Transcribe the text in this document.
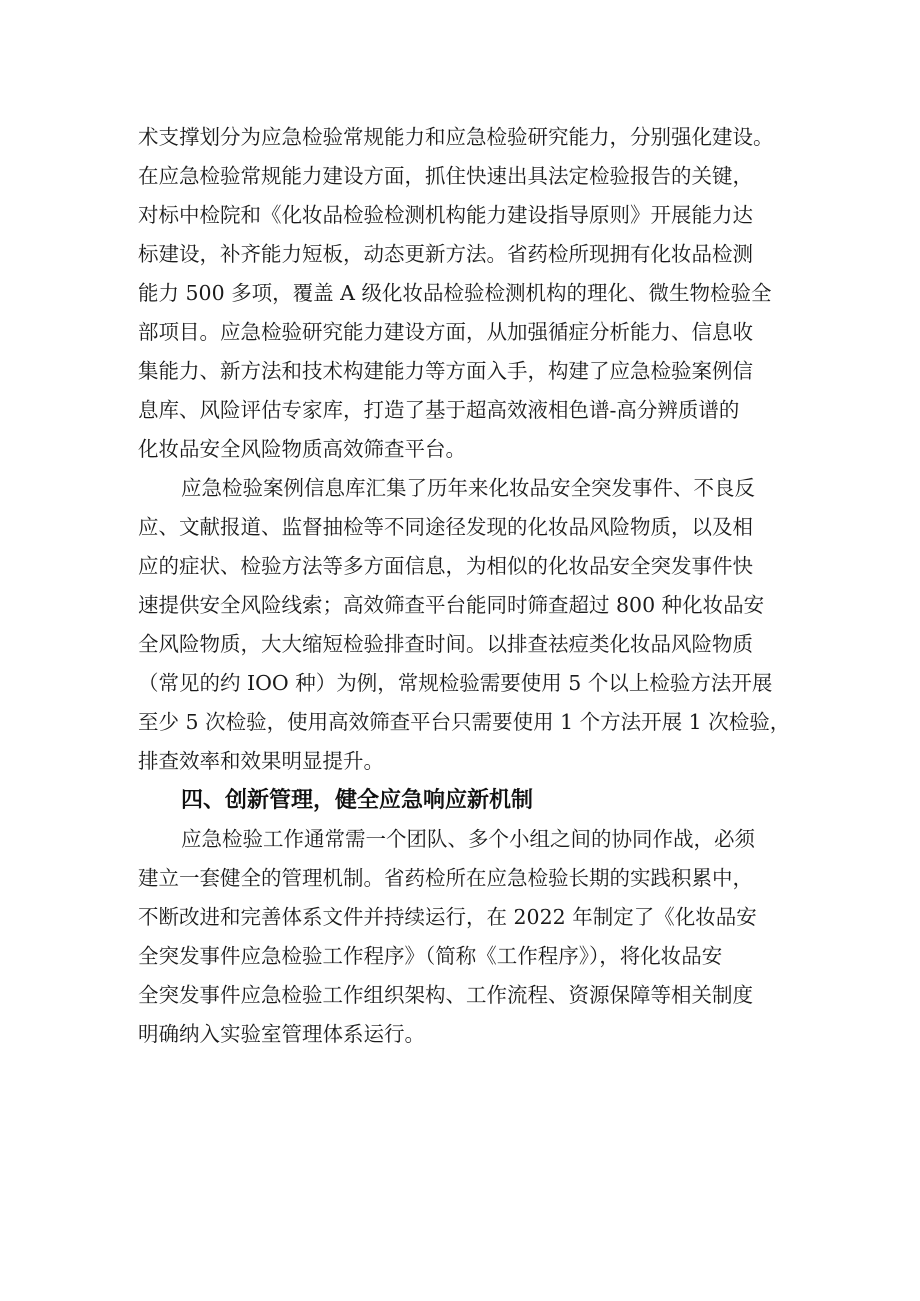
术支撑划分为应急检验常规能力和应急检验研究能力，分别强化建设。
在应急检验常规能力建设方面，抓住快速出具法定检验报告的关键，
对标中检院和《化妆品检验检测机构能力建设指导原则》开展能力达
标建设，补齐能力短板，动态更新方法。省药检所现拥有化妆品检测
能力 500 多项，覆盖 A 级化妆品检验检测机构的理化、微生物检验全
部项目。应急检验研究能力建设方面，从加强循症分析能力、信息收
集能力、新方法和技术构建能力等方面入手，构建了应急检验案例信
息库、风险评估专家库，打造了基于超高效液相色谱-高分辨质谱的
化妆品安全风险物质高效筛查平台。
应急检验案例信息库汇集了历年来化妆品安全突发事件、不良反
应、文献报道、监督抽检等不同途径发现的化妆品风险物质，以及相
应的症状、检验方法等多方面信息，为相似的化妆品安全突发事件快
速提供安全风险线索；高效筛查平台能同时筛查超过 800 种化妆品安
全风险物质，大大缩短检验排查时间。以排查祛痘类化妆品风险物质
（常见的约 IOO 种）为例，常规检验需要使用 5 个以上检验方法开展
至少 5 次检验，使用高效筛查平台只需要使用 1 个方法开展 1 次检验，
排查效率和效果明显提升。
四、创新管理，健全应急响应新机制
应急检验工作通常需一个团队、多个小组之间的协同作战，必须
建立一套健全的管理机制。省药检所在应急检验长期的实践积累中，
不断改进和完善体系文件并持续运行，在 2022 年制定了《化妆品安
全突发事件应急检验工作程序》（简称《工作程序》），将化妆品安
全突发事件应急检验工作组织架构、工作流程、资源保障等相关制度
明确纳入实验室管理体系运行。
